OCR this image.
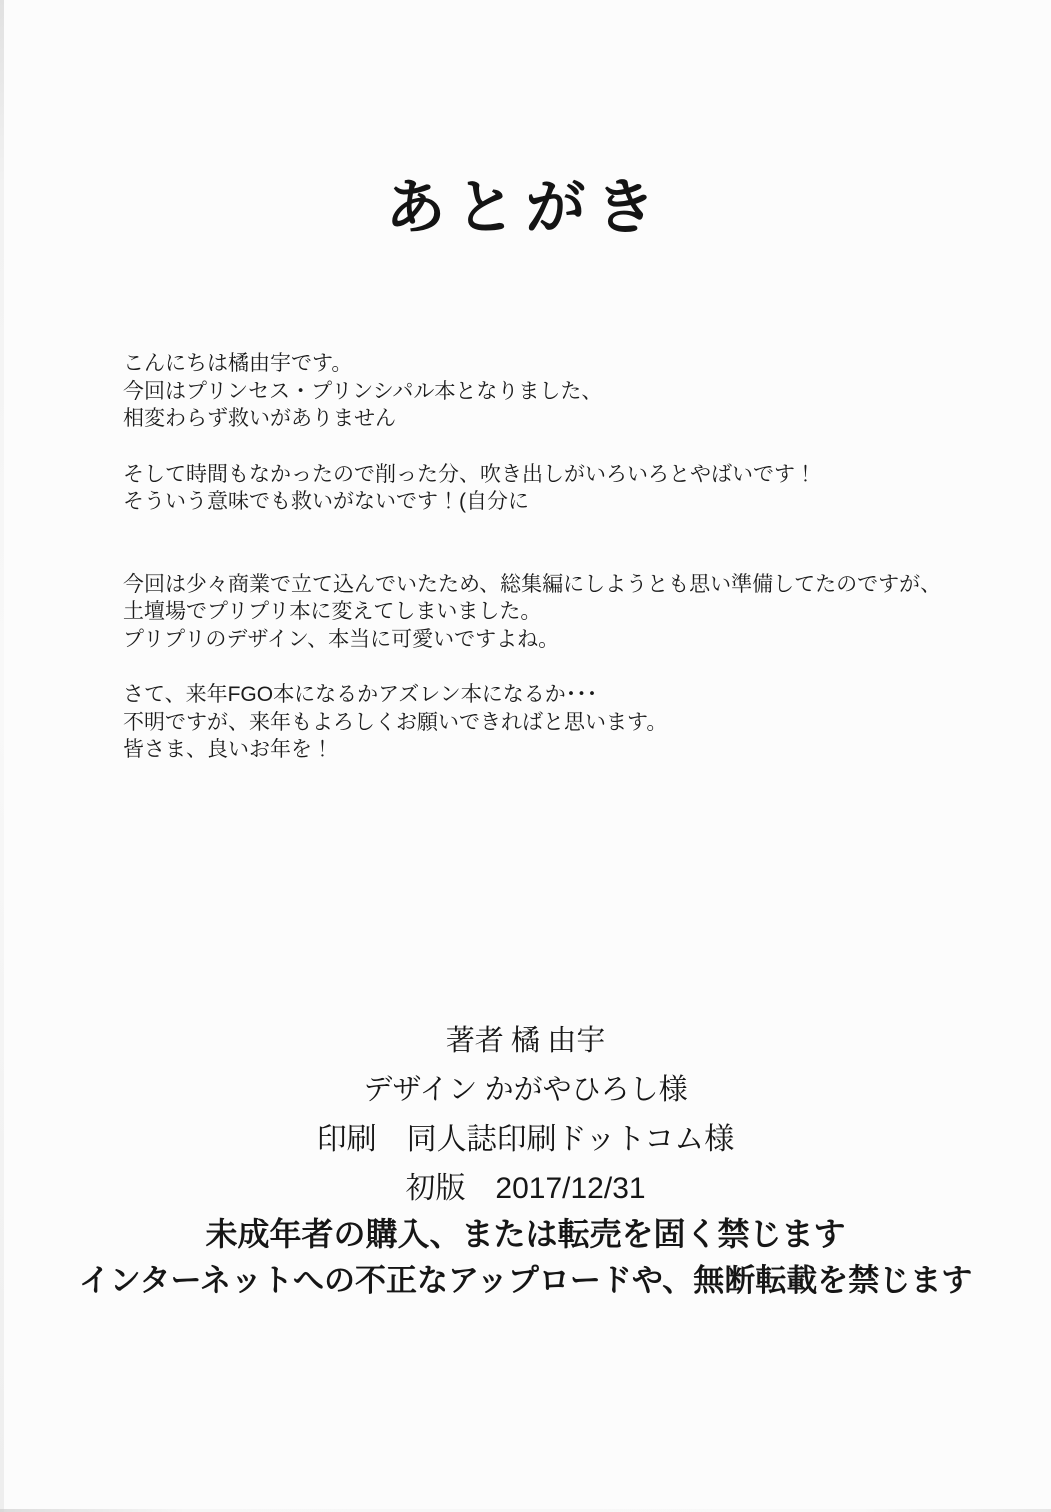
あとがき

こんにちは橘由宇です。
今回はプリンセス・プリンシパル本となりました、
相変わらず救いがありません

そして時間もなかったので削った分、吹き出しがいろいろとやばいです！
そういう意味でも救いがないです！(自分に

今回は少々商業で立て込んでいたため、総集編にしようとも思い準備してたのですが、
土壇場でプリプリ本に変えてしまいました。
プリプリのデザイン、本当に可愛いですよね。

さて、来年FGO本になるかアズレン本になるか･･･
不明ですが、来年もよろしくお願いできればと思います。
皆さま、良いお年を！

著者 橘 由宇
デザイン かがやひろし様
印刷　同人誌印刷ドットコム様
初版　2017/12/31
未成年者の購入、または転売を固く禁じます
インターネットへの不正なアップロードや、無断転載を禁じます
